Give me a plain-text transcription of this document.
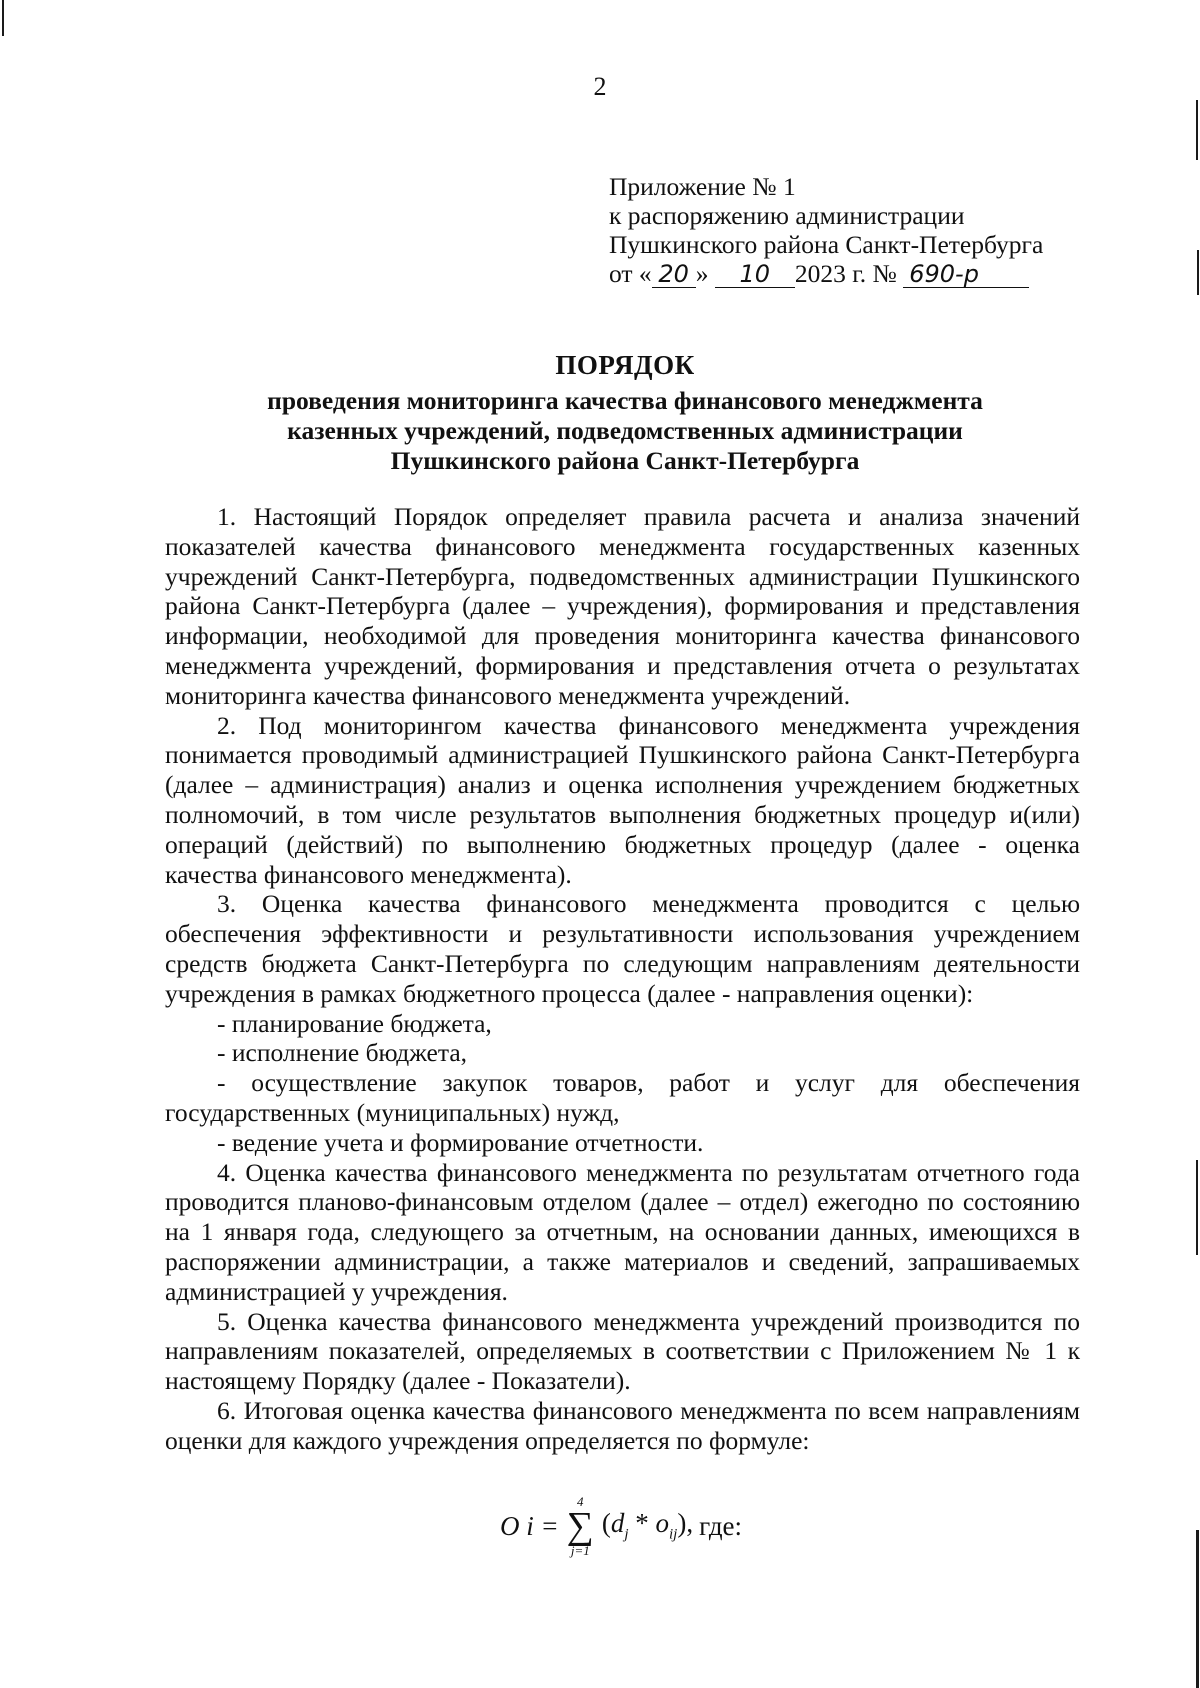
2
Приложение № 1
к распоряжению администрации
Пушкинского района Санкт-Петербурга
от « 20 » 10 2023 г. № 690-р
ПОРЯДОК
проведения мониторинга качества финансового менеджмента
казенных учреждений, подведомственных администрации
Пушкинского района Санкт-Петербурга

1. Настоящий Порядок определяет правила расчета и анализа значений показателей качества финансового менеджмента государственных казенных учреждений Санкт-Петербурга, подведомственных администрации Пушкинского района Санкт-Петербурга (далее – учреждения), формирования и представления информации, необходимой для проведения мониторинга качества финансового менеджмента учреждений, формирования и представления отчета о результатах мониторинга качества финансового менеджмента учреждений.

2. Под мониторингом качества финансового менеджмента учреждения понимается проводимый администрацией Пушкинского района Санкт-Петербурга (далее – администрация) анализ и оценка исполнения учреждением бюджетных полномочий, в том числе результатов выполнения бюджетных процедур и(или) операций (действий) по выполнению бюджетных процедур (далее - оценка качества финансового менеджмента).

3. Оценка качества финансового менеджмента проводится с целью обеспечения эффективности и результативности использования учреждением средств бюджета Санкт-Петербурга по следующим направлениям деятельности учреждения в рамках бюджетного процесса (далее - направления оценки):

- планирование бюджета,

- исполнение бюджета,

- осуществление закупок товаров, работ и услуг для обеспечения государственных (муниципальных) нужд,

- ведение учета и формирование отчетности.

4. Оценка качества финансового менеджмента по результатам отчетного года проводится планово-финансовым отделом (далее – отдел) ежегодно по состоянию на 1 января года, следующего за отчетным, на основании данных, имеющихся в распоряжении администрации, а также материалов и сведений, запрашиваемых администрацией у учреждения.

5. Оценка качества финансового менеджмента учреждений производится по направлениям показателей, определяемых в соответствии с Приложением № 1 к настоящему Порядку (далее - Показатели).

6. Итоговая оценка качества финансового менеджмента по всем направлениям оценки для каждого учреждения определяется по формуле:

O i =
4
∑
j=1
$(d_j * o_{ij})$, где:
